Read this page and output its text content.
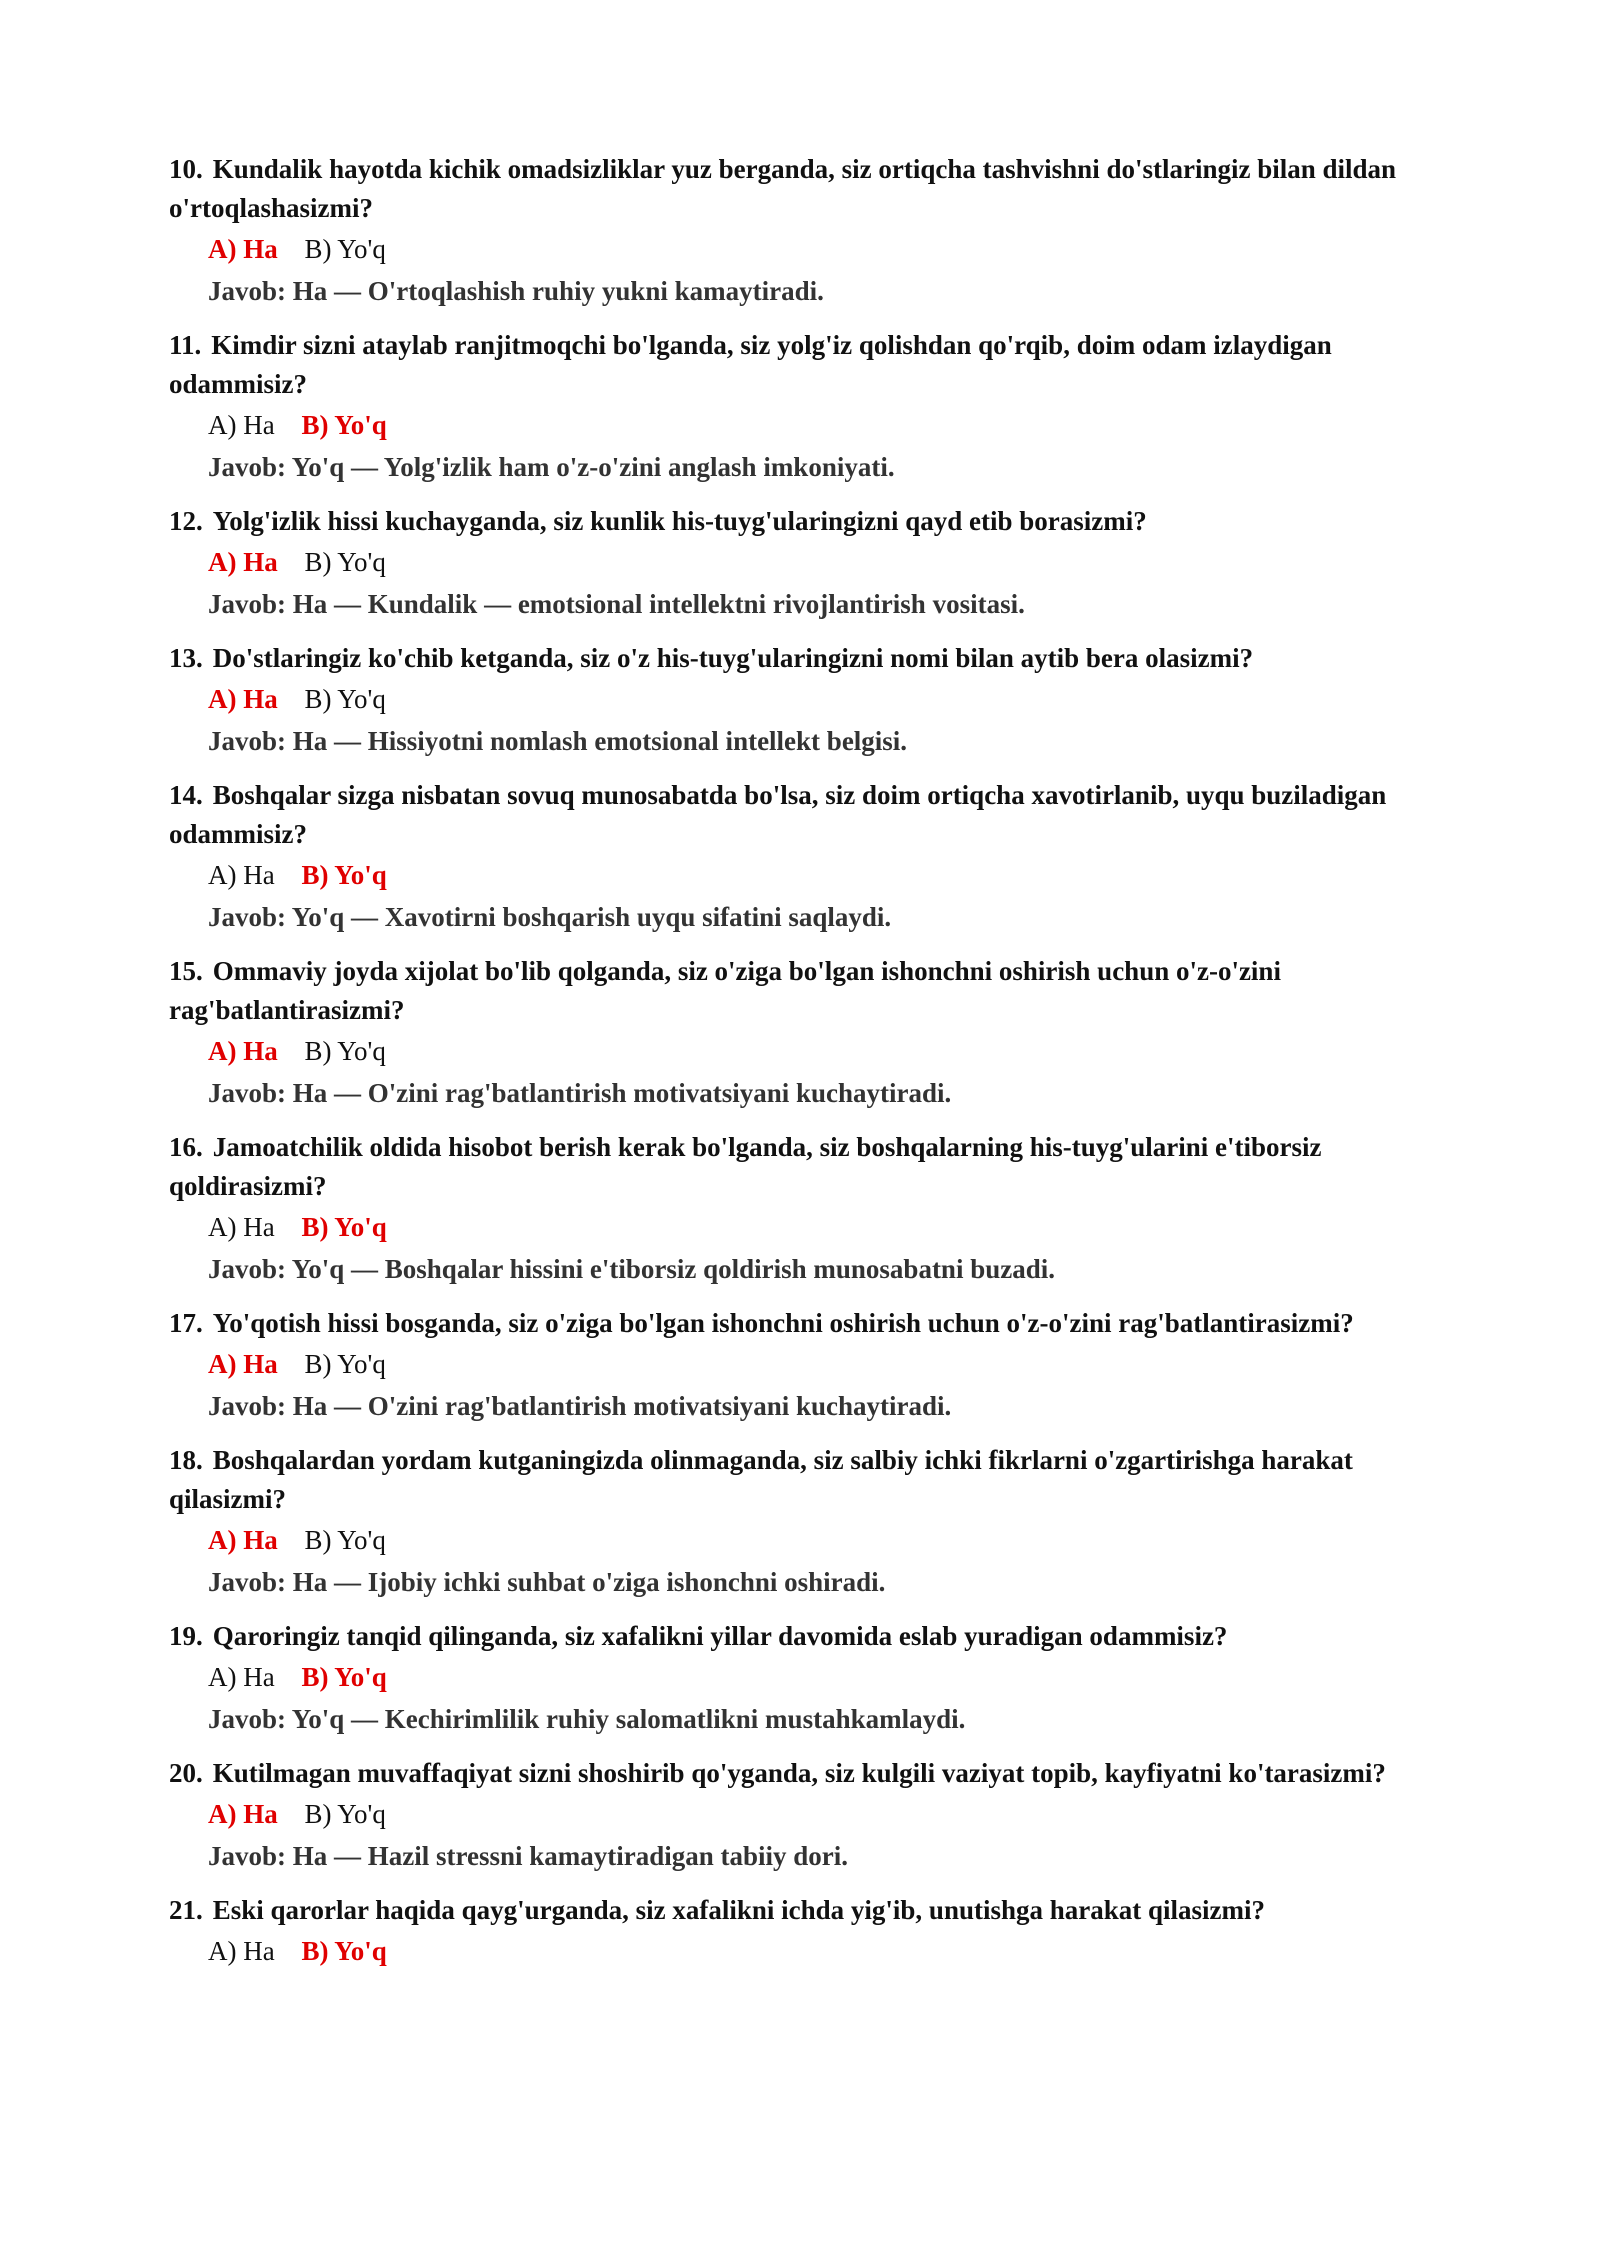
10. Kundalik hayotda kichik omadsizliklar yuz berganda, siz ortiqcha tashvishni do'stlaringiz bilan dildan o'rtoqlashasizmi?

A) Ha B) Yo'q

Javob: Ha — O'rtoqlashish ruhiy yukni kamaytiradi.

11. Kimdir sizni ataylab ranjitmoqchi bo'lganda, siz yolg'iz qolishdan qo'rqib, doim odam izlaydigan odammisiz?

A) Ha B) Yo'q

Javob: Yo'q — Yolg'izlik ham o'z-o'zini anglash imkoniyati.

12. Yolg'izlik hissi kuchayganda, siz kunlik his-tuyg'ularingizni qayd etib borasizmi?

A) Ha B) Yo'q

Javob: Ha — Kundalik — emotsional intellektni rivojlantirish vositasi.

13. Do'stlaringiz ko'chib ketganda, siz o'z his-tuyg'ularingizni nomi bilan aytib bera olasizmi?

A) Ha B) Yo'q

Javob: Ha — Hissiyotni nomlash emotsional intellekt belgisi.

14. Boshqalar sizga nisbatan sovuq munosabatda bo'lsa, siz doim ortiqcha xavotirlanib, uyqu buziladigan odammisiz?

A) Ha B) Yo'q

Javob: Yo'q — Xavotirni boshqarish uyqu sifatini saqlaydi.

15. Ommaviy joyda xijolat bo'lib qolganda, siz o'ziga bo'lgan ishonchni oshirish uchun o'z-o'zini rag'batlantirasizmi?

A) Ha B) Yo'q

Javob: Ha — O'zini rag'batlantirish motivatsiyani kuchaytiradi.

16. Jamoatchilik oldida hisobot berish kerak bo'lganda, siz boshqalarning his-tuyg'ularini e'tiborsiz qoldirasizmi?

A) Ha B) Yo'q

Javob: Yo'q — Boshqalar hissini e'tiborsiz qoldirish munosabatni buzadi.

17. Yo'qotish hissi bosganda, siz o'ziga bo'lgan ishonchni oshirish uchun o'z-o'zini rag'batlantirasizmi?

A) Ha B) Yo'q

Javob: Ha — O'zini rag'batlantirish motivatsiyani kuchaytiradi.

18. Boshqalardan yordam kutganingizda olinmaganda, siz salbiy ichki fikrlarni o'zgartirishga harakat qilasizmi?

A) Ha B) Yo'q

Javob: Ha — Ijobiy ichki suhbat o'ziga ishonchni oshiradi.

19. Qaroringiz tanqid qilinganda, siz xafalikni yillar davomida eslab yuradigan odammisiz?

A) Ha B) Yo'q

Javob: Yo'q — Kechirimlilik ruhiy salomatlikni mustahkamlaydi.

20. Kutilmagan muvaffaqiyat sizni shoshirib qo'yganda, siz kulgili vaziyat topib, kayfiyatni ko'tarasizmi?

A) Ha B) Yo'q

Javob: Ha — Hazil stressni kamaytiradigan tabiiy dori.

21. Eski qarorlar haqida qayg'urganda, siz xafalikni ichda yig'ib, unutishga harakat qilasizmi?

A) Ha B) Yo'q
